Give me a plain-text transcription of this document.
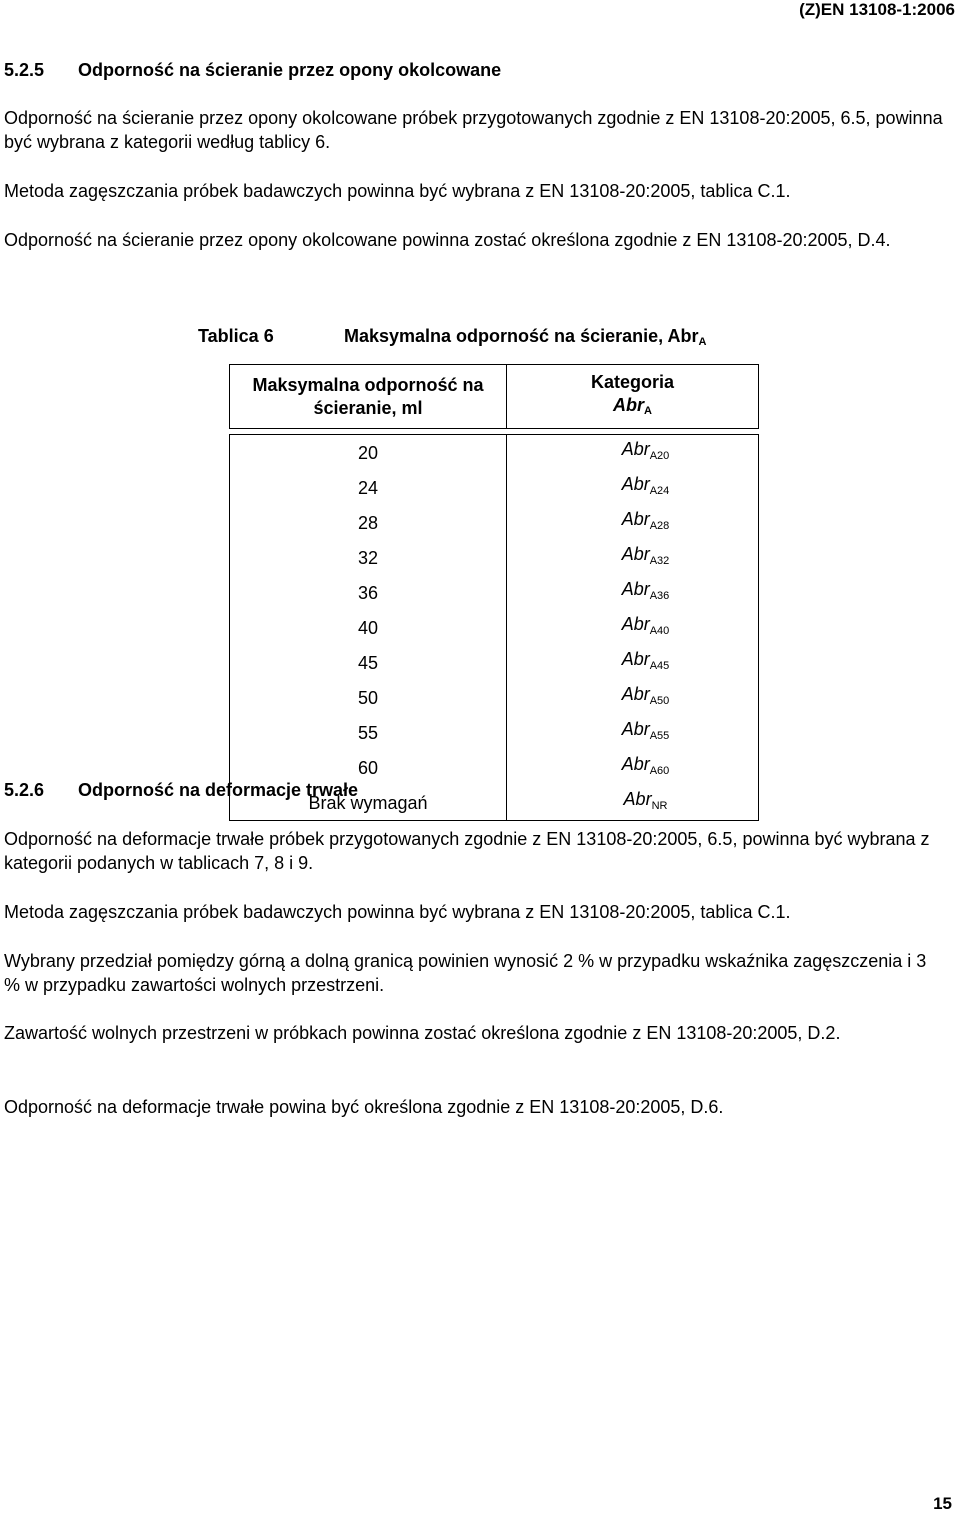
(Z)EN 13108-1:2006
5.2.5 Odporność na ścieranie przez opony okolcowane

Odporność na ścieranie przez opony okolcowane próbek przygotowanych zgodnie z EN 13108-20:2005, 6.5, powinna być wybrana z kategorii według tablicy 6.

Metoda zagęszczania próbek badawczych powinna być wybrana z EN 13108-20:2005, tablica C.1.

Odporność na ścieranie przez opony okolcowane powinna zostać określona zgodnie z EN 13108-20:2005, D.4.

Tablica 6	Maksymalna odporność na ścieranie, Abr$_A$
Maksymalna odporność na ścieranie, ml	Kategoria
Abr$_A$

20	Abr$_{A20}$
24	Abr$_{A24}$
28	Abr$_{A28}$
32	Abr$_{A32}$
36	Abr$_{A36}$
40	Abr$_{A40}$
45	Abr$_{A45}$
50	Abr$_{A50}$
55	Abr$_{A55}$
60	Abr$_{A60}$
Brak wymagań	Abr$_{NR}$
5.2.6 Odporność na deformacje trwałe

Odporność na deformacje trwałe próbek przygotowanych zgodnie z EN 13108-20:2005, 6.5, powinna być wybrana z kategorii podanych w tablicach 7, 8 i 9.

Metoda zagęszczania próbek badawczych powinna być wybrana z EN 13108-20:2005, tablica C.1.

Wybrany przedział pomiędzy górną a dolną granicą powinien wynosić 2 % w przypadku wskaźnika zagęszczenia i 3 % w przypadku zawartości wolnych przestrzeni.

Zawartość wolnych przestrzeni w próbkach powinna zostać określona zgodnie z EN 13108-20:2005, D.2.

Odporność na deformacje trwałe powina być określona zgodnie z EN 13108-20:2005, D.6.

15
